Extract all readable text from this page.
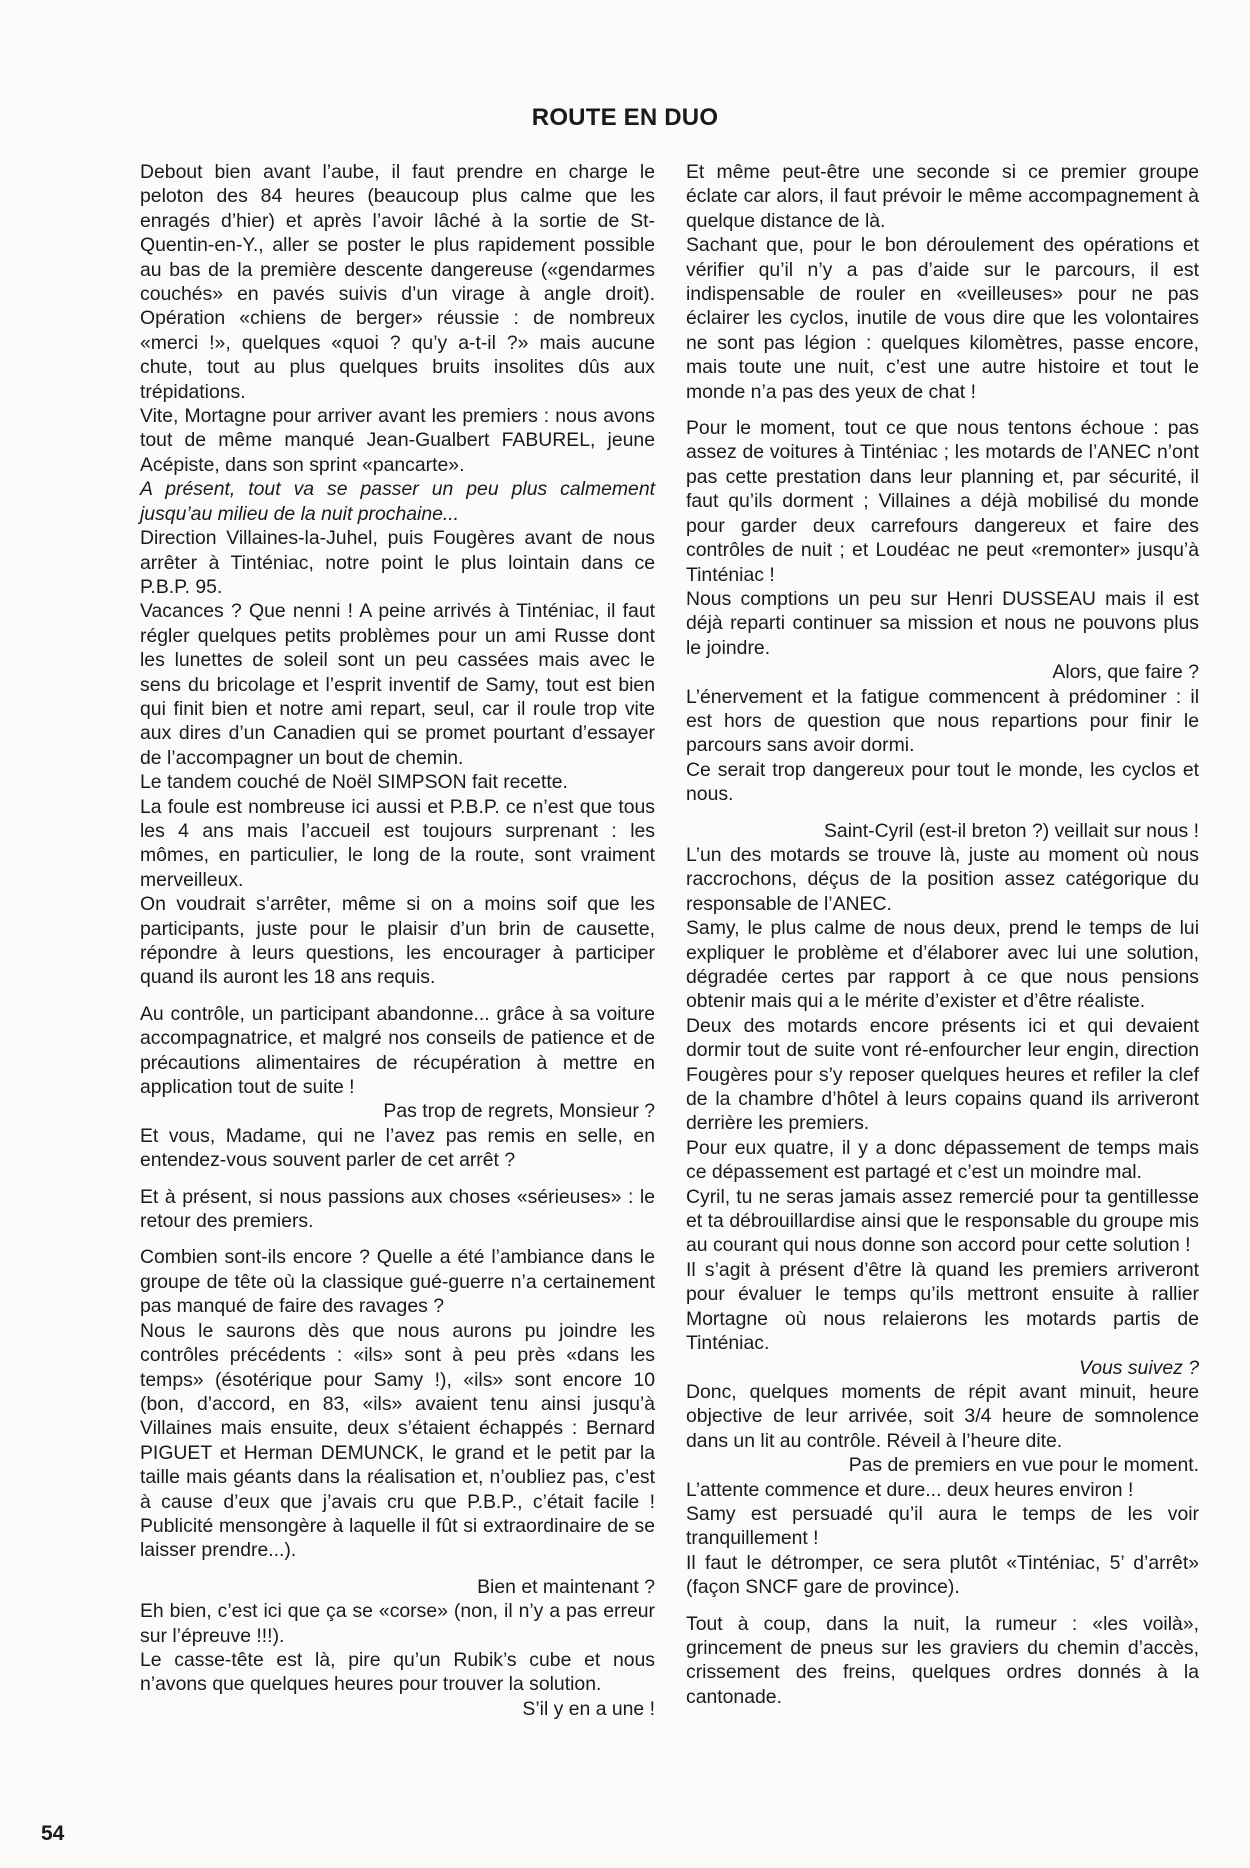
ROUTE EN DUO

Debout bien avant l’aube, il faut prendre en charge le peloton des 84 heures (beaucoup plus calme que les enragés d’hier) et après l’avoir lâché à la sortie de St-Quentin-en-Y., aller se poster le plus rapidement possible au bas de la première descente dangereuse («gendarmes couchés» en pavés suivis d’un virage à angle droit). Opération «chiens de berger» réussie : de nombreux «merci !», quelques «quoi ? qu’y a-t-il ?» mais aucune chute, tout au plus quelques bruits insolites dûs aux trépidations.

Vite, Mortagne pour arriver avant les premiers : nous avons tout de même manqué Jean-Gualbert FABUREL, jeune Acépiste, dans son sprint «pancarte».

A présent, tout va se passer un peu plus calmement jusqu’au milieu de la nuit prochaine...

Direction Villaines-la-Juhel, puis Fougères avant de nous arrêter à Tinténiac, notre point le plus lointain dans ce P.B.P. 95.

Vacances ? Que nenni ! A peine arrivés à Tinténiac, il faut régler quelques petits problèmes pour un ami Russe dont les lunettes de soleil sont un peu cassées mais avec le sens du bricolage et l’esprit inventif de Samy, tout est bien qui finit bien et notre ami repart, seul, car il roule trop vite aux dires d’un Canadien qui se promet pourtant d’essayer de l’accompagner un bout de chemin.

Le tandem couché de Noël SIMPSON fait recette.

La foule est nombreuse ici aussi et P.B.P. ce n’est que tous les 4 ans mais l’accueil est toujours surprenant : les mômes, en particulier, le long de la route, sont vraiment merveilleux.

On voudrait s’arrêter, même si on a moins soif que les participants, juste pour le plaisir d’un brin de causette, répondre à leurs questions, les encourager à participer quand ils auront les 18 ans requis.

Au contrôle, un participant abandonne... grâce à sa voiture accompagnatrice, et malgré nos conseils de patience et de précautions alimentaires de récupération à mettre en application tout de suite !

Pas trop de regrets, Monsieur ?

Et vous, Madame, qui ne l’avez pas remis en selle, en entendez-vous souvent parler de cet arrêt ?

Et à présent, si nous passions aux choses «sérieuses» : le retour des premiers.

Combien sont-ils encore ? Quelle a été l’ambiance dans le groupe de tête où la classique gué-guerre n’a certainement pas manqué de faire des ravages ?

Nous le saurons dès que nous aurons pu joindre les contrôles précédents : «ils» sont à peu près «dans les temps» (ésotérique pour Samy !), «ils» sont encore 10 (bon, d’accord, en 83, «ils» avaient tenu ainsi jusqu’à Villaines mais ensuite, deux s’étaient échappés : Bernard PIGUET et Herman DEMUNCK, le grand et le petit par la taille mais géants dans la réalisation et, n’oubliez pas, c’est à cause d’eux que j’avais cru que P.B.P., c’était facile ! Publicité mensongère à laquelle il fût si extraordinaire de se laisser prendre...).

Bien et maintenant ?

Eh bien, c’est ici que ça se «corse» (non, il n’y a pas erreur sur l’épreuve !!!).

Le casse-tête est là, pire qu’un Rubik’s cube et nous n’avons que quelques heures pour trouver la solution.

S’il y en a une !

Et même peut-être une seconde si ce premier groupe éclate car alors, il faut prévoir le même accompagnement à quelque distance de là.

Sachant que, pour le bon déroulement des opérations et vérifier qu’il n’y a pas d’aide sur le parcours, il est indispensable de rouler en «veilleuses» pour ne pas éclairer les cyclos, inutile de vous dire que les volontaires ne sont pas légion : quelques kilomètres, passe encore, mais toute une nuit, c’est une autre histoire et tout le monde n’a pas des yeux de chat !

Pour le moment, tout ce que nous tentons échoue : pas assez de voitures à Tinténiac ; les motards de l’ANEC n’ont pas cette prestation dans leur planning et, par sécurité, il faut qu’ils dorment ; Villaines a déjà mobilisé du monde pour garder deux carrefours dangereux et faire des contrôles de nuit ; et Loudéac ne peut «remonter» jusqu’à Tinténiac !

Nous comptions un peu sur Henri DUSSEAU mais il est déjà reparti continuer sa mission et nous ne pouvons plus le joindre.

Alors, que faire ?

L’énervement et la fatigue commencent à prédominer : il est hors de question que nous repartions pour finir le parcours sans avoir dormi.

Ce serait trop dangereux pour tout le monde, les cyclos et nous.

Saint-Cyril (est-il breton ?) veillait sur nous !

L’un des motards se trouve là, juste au moment où nous raccrochons, déçus de la position assez catégorique du responsable de l’ANEC.

Samy, le plus calme de nous deux, prend le temps de lui expliquer le problème et d’élaborer avec lui une solution, dégradée certes par rapport à ce que nous pensions obtenir mais qui a le mérite d’exister et d’être réaliste.

Deux des motards encore présents ici et qui devaient dormir tout de suite vont ré-enfourcher leur engin, direction Fougères pour s’y reposer quelques heures et refiler la clef de la chambre d’hôtel à leurs copains quand ils arriveront derrière les premiers.

Pour eux quatre, il y a donc dépassement de temps mais ce dépassement est partagé et c’est un moindre mal.

Cyril, tu ne seras jamais assez remercié pour ta gentillesse et ta débrouillardise ainsi que le responsable du groupe mis au courant qui nous donne son accord pour cette solution !

Il s’agit à présent d’être là quand les premiers arriveront pour évaluer le temps qu’ils mettront ensuite à rallier Mortagne où nous relaierons les motards partis de Tinténiac.

Vous suivez ?

Donc, quelques moments de répit avant minuit, heure objective de leur arrivée, soit 3/4 heure de somnolence dans un lit au contrôle. Réveil à l’heure dite.

Pas de premiers en vue pour le moment.

L’attente commence et dure... deux heures environ !

Samy est persuadé qu’il aura le temps de les voir tranquillement !

Il faut le détromper, ce sera plutôt «Tinténiac, 5’ d’arrêt» (façon SNCF gare de province).

Tout à coup, dans la nuit, la rumeur : «les voilà», grincement de pneus sur les graviers du chemin d’accès, crissement des freins, quelques ordres donnés à la cantonade.

54
